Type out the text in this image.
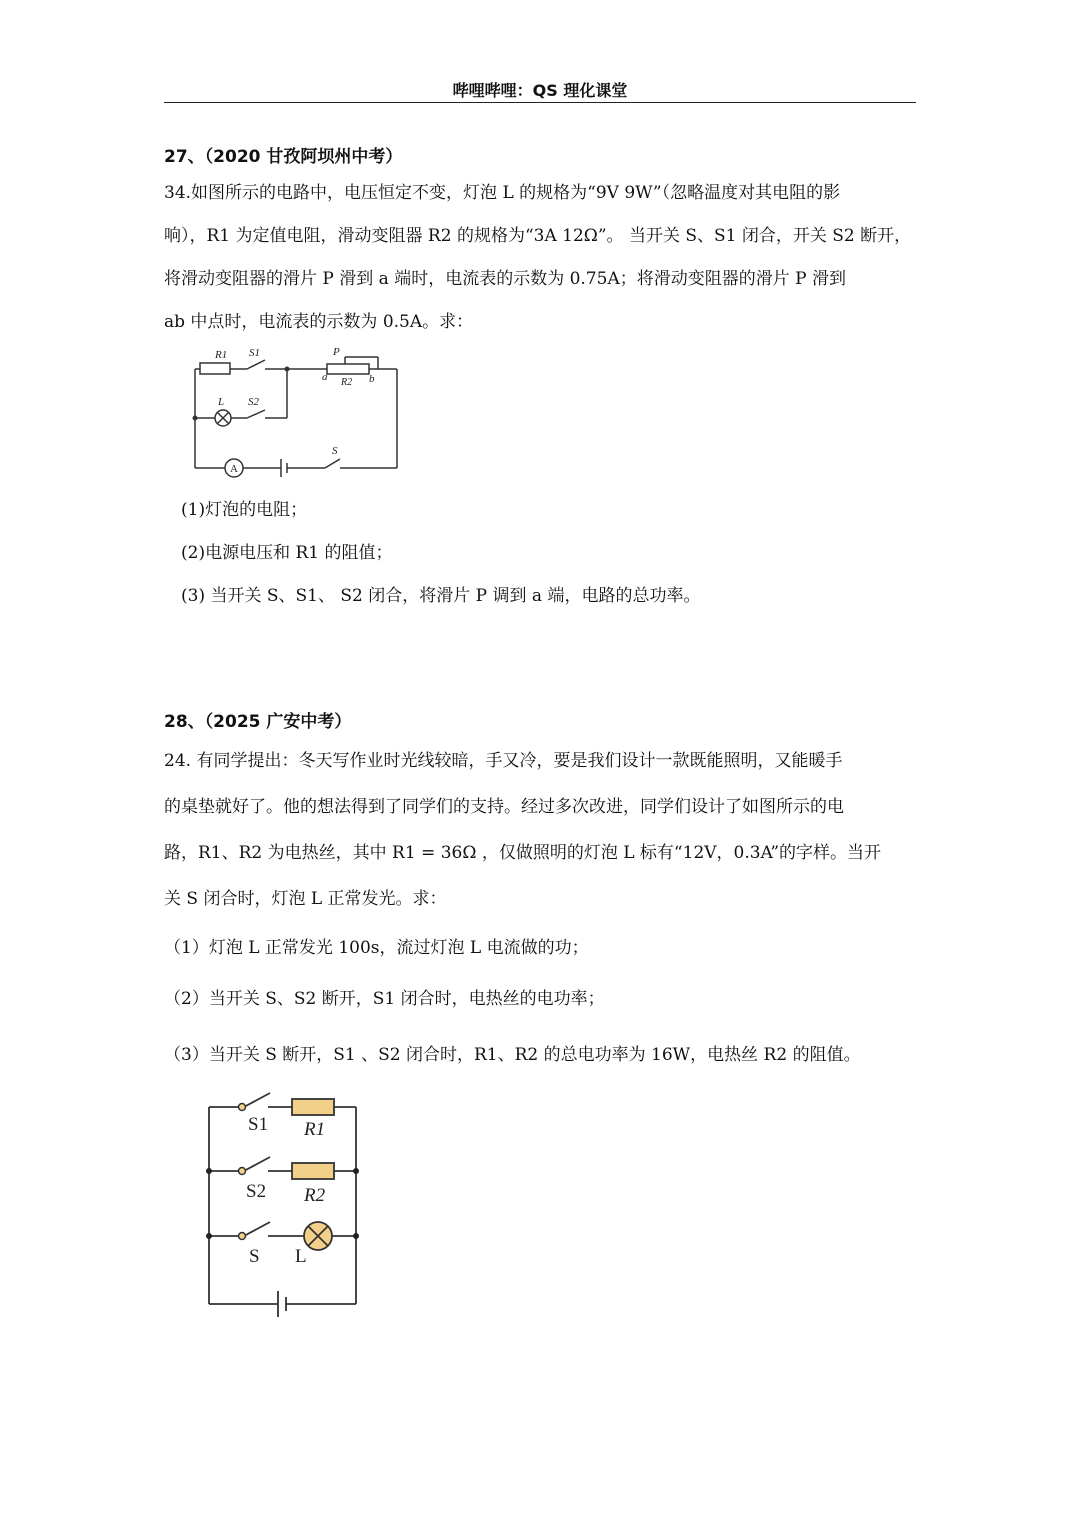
哔哩哔哩：QS 理化课堂
27、（2020 甘孜阿坝州中考）
34.如图所示的电路中，电压恒定不变，灯泡 L 的规格为“9V 9W”（忽略温度对其电阻的影
响），R1 为定值电阻，滑动变阻器 R2 的规格为“3A 12Ω”。 当开关 S、S1 闭合，开关 S2 断开，
将滑动变阻器的滑片 P 滑到 a 端时，电流表的示数为 0.75A；将滑动变阻器的滑片 P 滑到
ab 中点时，电流表的示数为 0.5A。求：
R1 S1
L S2
P
a	b
R2
A
S
(1)灯泡的电阻；
(2)电源电压和 R1 的阻值；
(3) 当开关 S、S1、 S2 闭合，将滑片 P 调到 a 端，电路的总功率。
28、（2025 广安中考）
24. 有同学提出：冬天写作业时光线较暗，手又冷，要是我们设计一款既能照明，又能暖手
的桌垫就好了。他的想法得到了同学们的支持。经过多次改进，同学们设计了如图所示的电
路，R1、R2 为电热丝，其中 R1 = 36Ω ，仅做照明的灯泡 L 标有“12V，0.3A”的字样。当开
关 S 闭合时，灯泡 L 正常发光。求：
（1）灯泡 L 正常发光 100s，流过灯泡 L 电流做的功；
（2）当开关 S、S2 断开，S1 闭合时，电热丝的电功率；
（3）当开关 S 断开，S1 、S2 闭合时，R1、R2 的总电功率为 16W，电热丝 R2 的阻值。
S1 R1
S2 R2
S L
